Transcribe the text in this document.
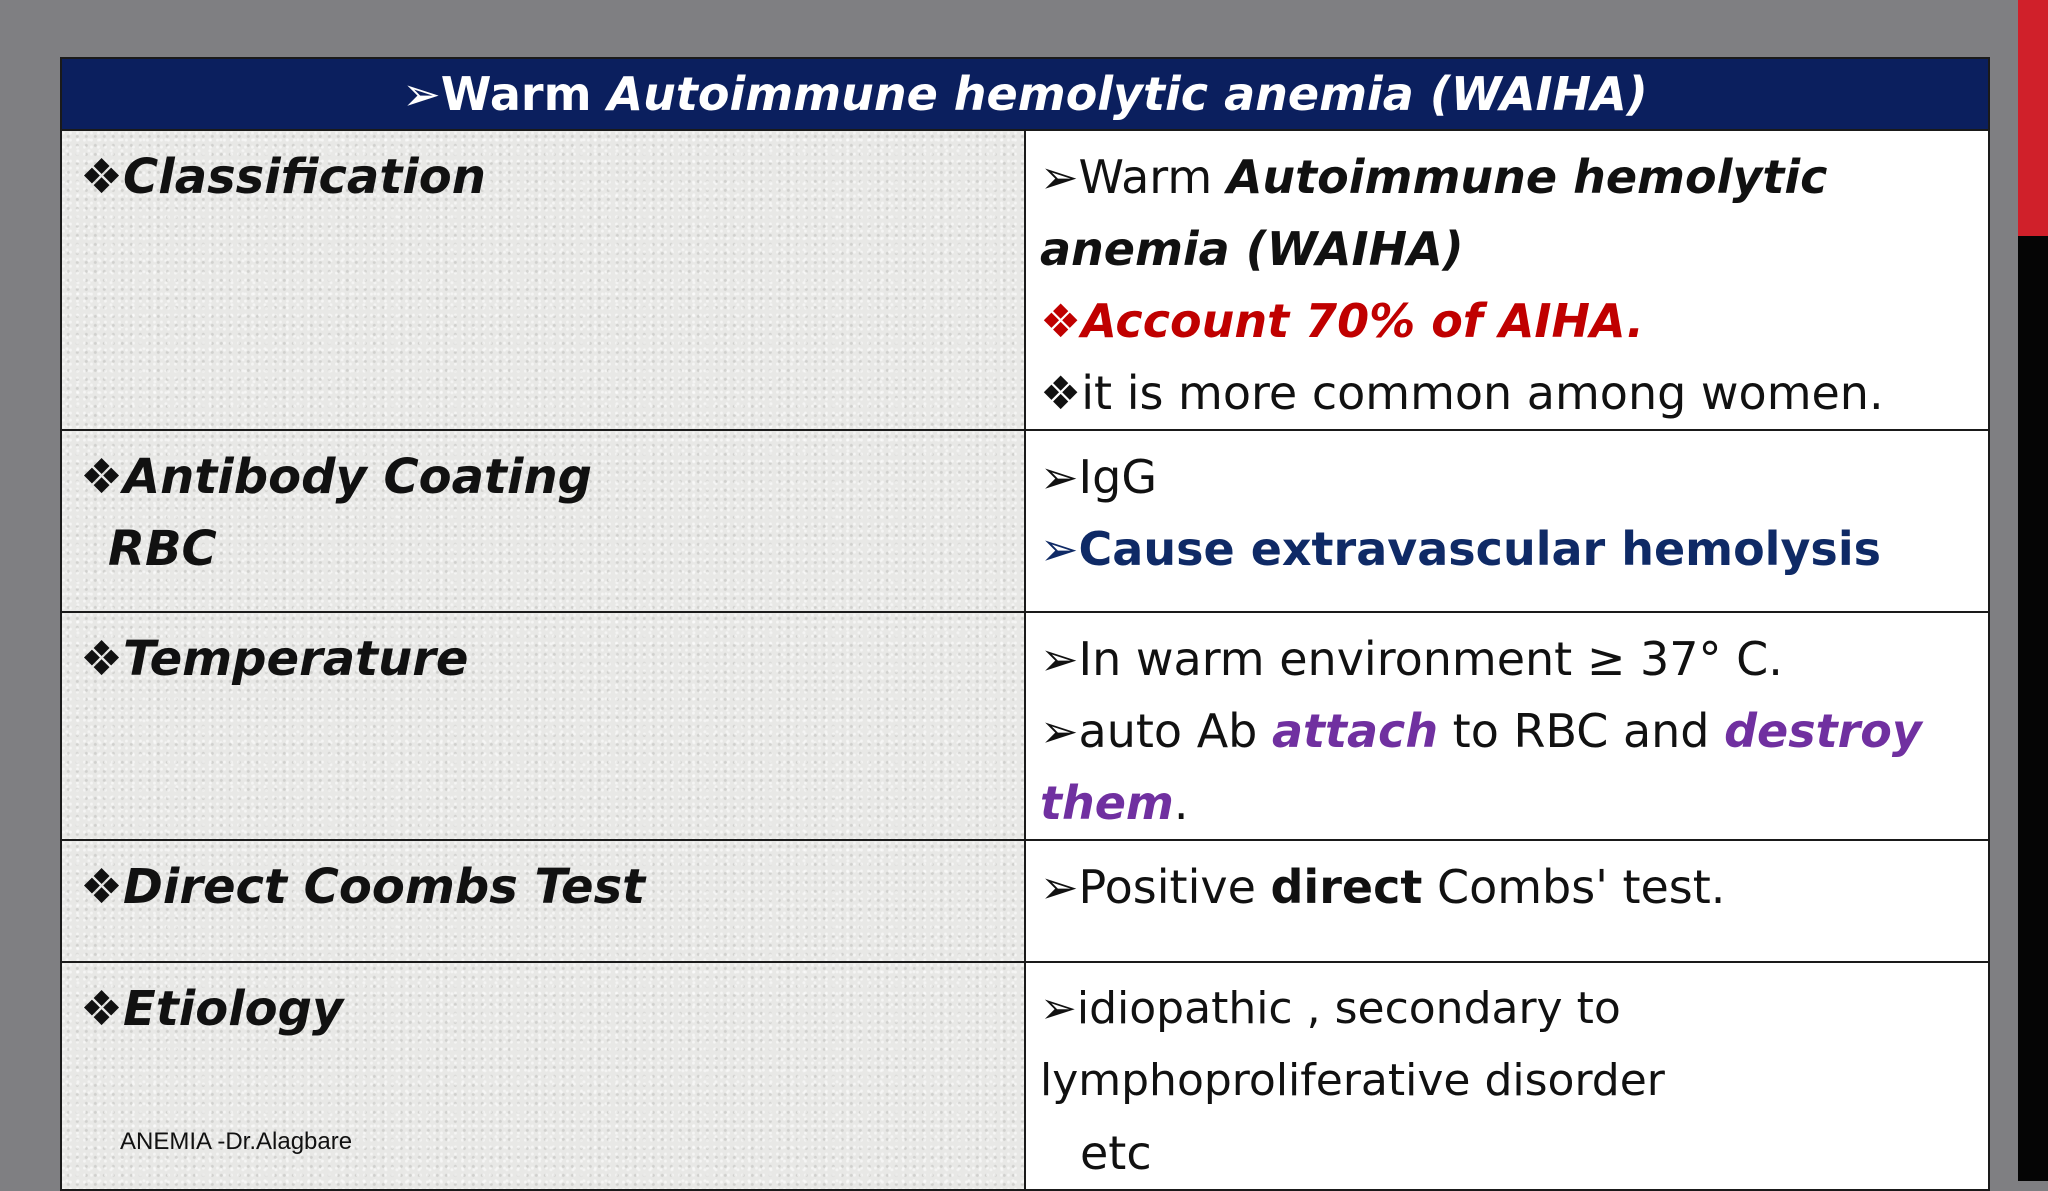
➢Warm Autoimmune hemolytic anemia (WAIHA)	
❖Classification	➢Warm Autoimmune hemolytic anemia (WAIHA)
❖Account 70% of AIHA.
❖it is more common among women.

❖Antibody Coating
RBC	➢IgG
➢Cause extravascular hemolysis

❖Temperature	➢In warm environment ≥ 37° C.
➢auto Ab attach to RBC and destroy them.

❖Direct Coombs Test	➢Positive direct Combs' test.

❖Etiology	➢idiopathic , secondary to lymphoproliferative disorder
etc
ANEMIA -Dr.Alagbare
